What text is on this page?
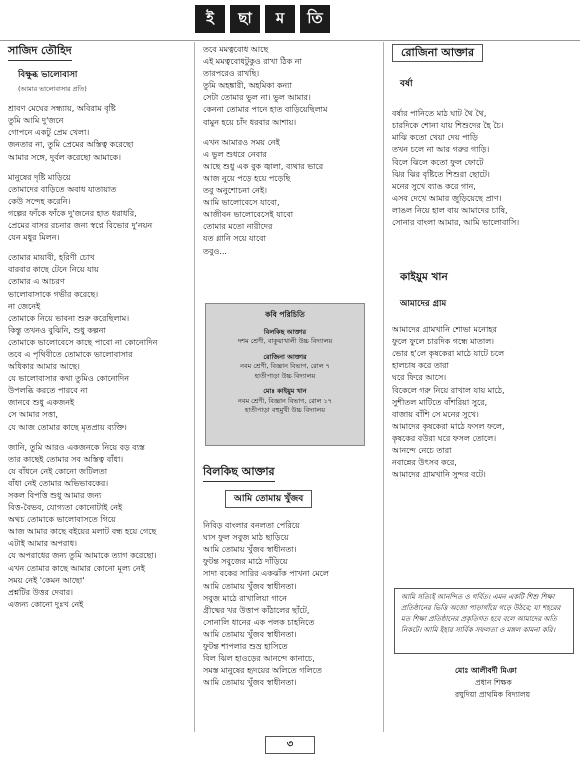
ই	ছা	ম	তি
সাজিদ তৌহিদ
বিক্ষুব্ধ ভালোবাসা
(আমার ভালোবাসার প্রতি)
শ্রাবণ মেঘের সন্ধ্যায়, অবিরাম বৃষ্টি
তুমি আমি দু'জনে
গোপনে একটু প্রেম খেলা।
জনতার না, তুমি প্রেমের অস্তিত্ব করেছো
আমার সঙ্গে, দুর্বল করেছো আমাকে।
মানুষের দৃষ্টি মাড়িয়ে
তোমাদের বাড়িতে অবাধ যাতায়াত
কেউ সন্দেহ করেনি।
গল্পের ফাঁকে ফাঁকে দু'জনের হাত ধরাধরি,
প্রেমের বাসর রচনার জন্য স্বপ্নে বিভোর দু'নয়ন
যেন মধুর মিলন।
তোমার মায়াবী, হরিণী চোখ
বারবার কাছে টেনে নিয়ে যায়
তোমার এ আচরণ
ভালোবাসাকে গভীর করেছে।
না জেনেই
তোমাকে নিয়ে ভাবনা শুরু করেছিলাম।
কিন্তু তখনও বুঝিনি, শুধু কল্পনা
তোমাকে ভালোবেসে কাছে পাবো না কোনোদিন
তবে এ পৃথিবীতে তোমাকে ভালোবাসার
অধিকার আমার আছে।
যে ভালোবাসার কথা তুমিও কোনোদিন
উপলব্ধি করতে পারবে না
জানবে শুধু একজনই
সে আমার সত্তা,
যে আজ তোমার কাছে মৃতপ্রায় ব্যক্তি।
জানি, তুমি আরও একজনকে নিয়ে বড় ব্যস্ত
তার কাছেই তোমার সব অস্তিত্ব বাঁধা।
যে বাঁধনে নেই কোনো জটিলতা
বাঁধা নেই তোমার অভিভাবকের।
সকল বিপত্তি শুধু আমার জন্য
বিত্ত-বৈভব, যোগ্যতা কোনোটাই নেই
অথচ তোমাকে ভালোবাসতে গিয়ে
আজ আমার কাছে বইয়ের মলাট বন্ধ হয়ে গেছে
এটাই আমার অপরাধ।
যে অপরাধের জন্য তুমি আমাকে ত্যাগ করেছো।
এখন তোমার কাছে আমার কোনো মূল্য নেই
সময় নেই 'কেমন আছো'
প্রশ্নটির উত্তর দেবার।
এজন্য কোনো দুঃখ নেই
তবে মমত্ববোধ আছে
এই মমত্ববোধটুকুও রাখা ঠিক না
তারপরেও রাখছি।
তুমি অহঙ্কারী, অহমিকা কন্যা
সেটা তোমার ভুল না। ভুল আমার।
কেননা তোমার পানে হাত বাড়িয়েছিলাম
বামুন হয়ে চাঁদ ধরবার আশায়।
এখন আমারও সময় নেই
এ ভুল শুধরে নেবার
আছে শুধু এক বুক জ্বালা, ব্যথার ভারে
আজ নুয়ে পড়ে হয়ে পড়েছি
তবু অনুশোচনা নেই।
আমি ভালোবেসে যাবো,
আজীবন ভালোবেসেই যাবো
তোমার মতো নারীদের
যত গ্লানি সয়ে যাবো
তবুও...
কবি পরিচিতি
বিলকিছ আক্তার
দশম শ্রেণী, বাকুয়াখালী উচ্চ বিদ্যালয়
রোজিনা আক্তার
নবম শ্রেণী, বিজ্ঞান বিভাগ, রোল ৭
হাতীপাড়া উচ্চ বিদ্যালয়
মোঃ কাইয়ুম খান
নবম শ্রেণী, বিজ্ঞান বিভাগ, রোল ১৭
হাতীপাড়া বহুমুখী উচ্চ বিদ্যালয়
বিলকিছ আক্তার
আমি তোমায় খুঁজব
নিবিড় বাংলার বনলতা পেরিয়ে
ঘাস ফুল সবুজ মাঠ ছাড়িয়ে
আমি তোমায় খুঁজব স্বাধীনতা।
ফুটন্ত সবুজের মাঠে দাঁড়িয়ে
সাদা বকের সারির একঝাঁক পাখনা মেলে
আমি তোমায় খুঁজব স্বাধীনতা।
সবুজ মাঠে রাখালিয়া গানে
গ্রীষ্মের খর উত্তাপ কাঁঠালের ছাঁটে,
সোনালি ধানের এক পলক চাহনিতে
আমি তোমায় খুঁজব স্বাধীনতা।
ফুটন্ত শাপলার শুভ্র হাসিতে
বিল ঝিল হাওড়ের আনন্দে কানাচে,
সমস্ত মানুষের হৃদয়ের অলিতে গলিতে
আমি তোমায় খুঁজব স্বাধীনতা।
রোজিনা আক্তার
বর্ষা
বর্ষার পানিতে মাঠ ঘাট থৈ থৈ,
চারদিকে শোনা যায় শিশুদের হৈ চৈ।
মাঝি কতো খেয়া দেয় পাড়ি
তখন চলে না আর গরুর গাড়ি।
বিলে ঝিলে কতো ফুল ফোটে
ঝির ঝির বৃষ্টিতে শিশুরা ছোটে।
মনের সুখে ব্যাঙ করে গান,
এসব দেখে আমার জুড়িয়েছে প্রাণ।
লাঙল নিয়ে হাল বায় আমাদের চাষি,
সোনার বাংলা আমার, আমি ভালোবাসি।
কাইয়ুম খান
আমাদের গ্রাম
আমাদের গ্রামখানি শোভা মনোহর
ফুলে ফুলে চারদিক গন্ধে মাতাল।
ভোর হ'লে কৃষকেরা মাঠে যাটে চলে
হালচাষ করে তারা
ঘরে ফিরে আসে।
বিকেলে গরু নিয়ে রাখাল যায় মাঠে,
সুশীতল মাটিতে বাঁশরিয়া সুরে,
বাজায় বাঁশি সে মনের সুখে।
আমাদের কৃষকেরা মাঠে ফসল ফলে,
কৃষকের বউরা ঘরে ফসল তোলে।
আনন্দে নেচে তারা
নবান্নের উৎসব করে,
আমাদের গ্রামখানি সুন্দর বটে।
আমি সত্যিই আনন্দিত ও গর্বিত। এমন একটি শিশু শিক্ষা প্রতিষ্ঠানের ভিত্তি অজো পাড়াগাঁয়ে গড়ে উঠবে; যা শহরের মত শিক্ষা প্রতিষ্ঠানের প্রকৃতিগত হবে বলে আমাদের অতি নিকটে। আমি ইহার সার্বিক সফলতা ও মঙ্গল কামনা করি।
মোঃ আলীবর্দী মিঞা
প্রধান শিক্ষক
রঘুদিয়া প্রাথমিক বিদ্যালয়
৩
